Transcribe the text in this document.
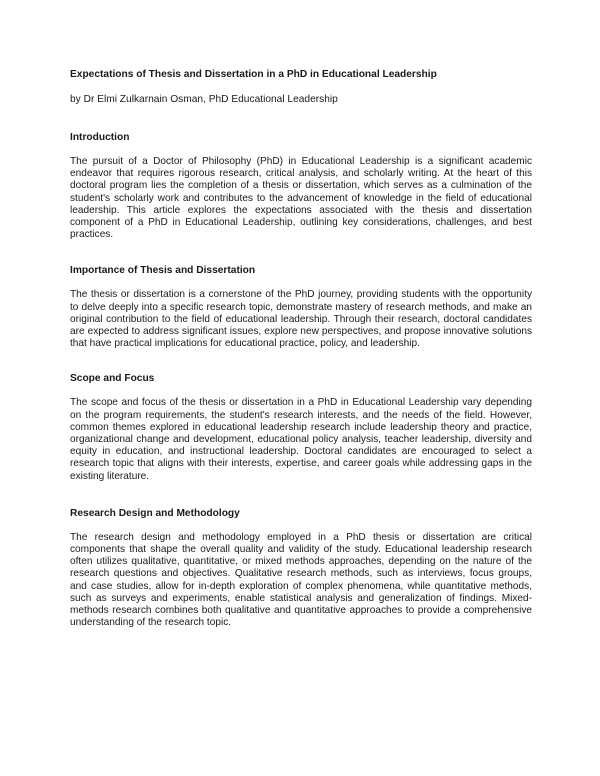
Expectations of Thesis and Dissertation in a PhD in Educational Leadership

by Dr Elmi Zulkarnain Osman, PhD Educational Leadership

Introduction

The pursuit of a Doctor of Philosophy (PhD) in Educational Leadership is a significant academic endeavor that requires rigorous research, critical analysis, and scholarly writing. At the heart of this doctoral program lies the completion of a thesis or dissertation, which serves as a culmination of the student's scholarly work and contributes to the advancement of knowledge in the field of educational leadership. This article explores the expectations associated with the thesis and dissertation component of a PhD in Educational Leadership, outlining key considerations, challenges, and best practices.

Importance of Thesis and Dissertation

The thesis or dissertation is a cornerstone of the PhD journey, providing students with the opportunity to delve deeply into a specific research topic, demonstrate mastery of research methods, and make an original contribution to the field of educational leadership. Through their research, doctoral candidates are expected to address significant issues, explore new perspectives, and propose innovative solutions that have practical implications for educational practice, policy, and leadership.

Scope and Focus

The scope and focus of the thesis or dissertation in a PhD in Educational Leadership vary depending on the program requirements, the student's research interests, and the needs of the field. However, common themes explored in educational leadership research include leadership theory and practice, organizational change and development, educational policy analysis, teacher leadership, diversity and equity in education, and instructional leadership. Doctoral candidates are encouraged to select a research topic that aligns with their interests, expertise, and career goals while addressing gaps in the existing literature.

Research Design and Methodology

The research design and methodology employed in a PhD thesis or dissertation are critical components that shape the overall quality and validity of the study. Educational leadership research often utilizes qualitative, quantitative, or mixed methods approaches, depending on the nature of the research questions and objectives. Qualitative research methods, such as interviews, focus groups, and case studies, allow for in-depth exploration of complex phenomena, while quantitative methods, such as surveys and experiments, enable statistical analysis and generalization of findings. Mixed-methods research combines both qualitative and quantitative approaches to provide a comprehensive understanding of the research topic.
